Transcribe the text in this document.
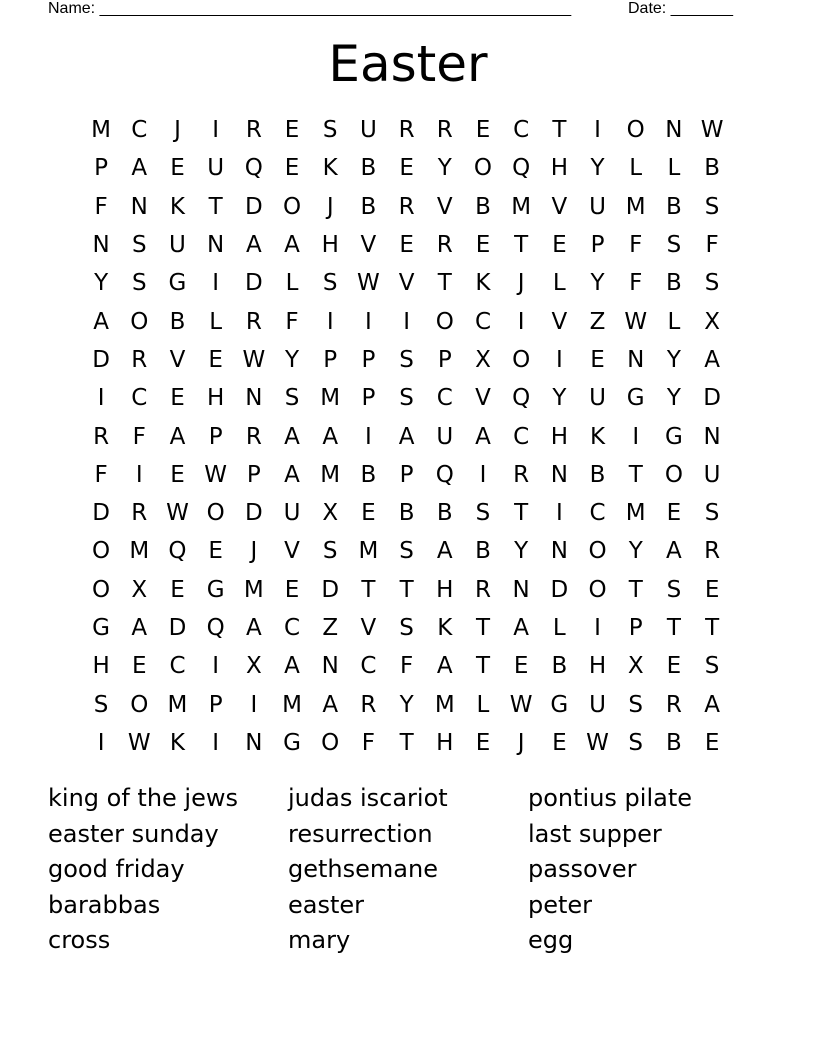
Name: _____________________________________________________	Date: _______
Easter
M C	J	I	R E	S U R R E C	T	I	O N W
P	A	E U Q E	K B	E	Y O Q H Y	L	L	B
F N K	T D O	J	B R V B M V U M B S
N S U N A A H V	E R E	T	E	P	F	S	F
Y	S G	I	D L	S W V	T	K	J	L	Y	F	B S
A O B	L	R	F	I	I	I	O C	I	V Z W L	X
D R V	E W Y	P	P	S	P	X O	I	E N Y	A
I	C E H N S M P	S C V Q Y U G Y D
R	F	A	P	R A A	I	A U A C H K	I	G N
F	I	E W P	A M B	P Q	I	R N B	T O U
D R W O D U X	E	B B S	T	I	C M E	S
O M Q E	J	V	S M S	A B	Y N O Y	A R
O X	E G M E D T	T H R N D O T	S	E
G A D Q A C Z V	S	K	T	A	L	I	P	T	T
H E C	I	X A N C	F	A	T	E	B H X	E	S
S O M P	I	M A R	Y M L W G U S R A
I	W K	I	N G O F	T H E	J	E W S	B	E
king of the jews
easter sunday
good friday
barabbas
cross
judas iscariot
resurrection
gethsemane
easter
mary
pontius pilate
last supper
passover
peter
egg
